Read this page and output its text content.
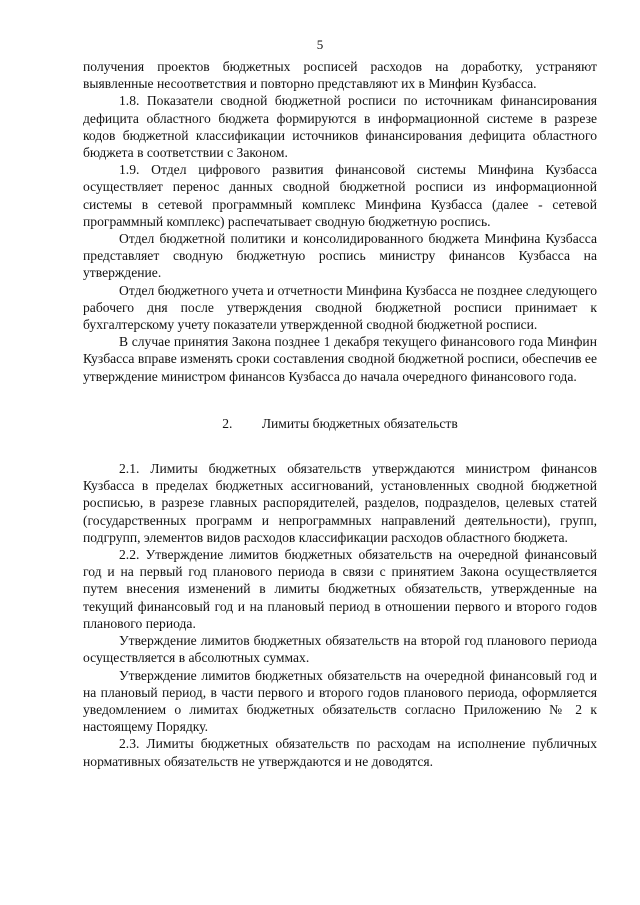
5

получения проектов бюджетных росписей расходов на доработку, устраняют выявленные несоответствия и повторно представляют их в Минфин Кузбасса.

1.8. Показатели сводной бюджетной росписи по источникам финансирования дефицита областного бюджета формируются в информационной системе в разрезе кодов бюджетной классификации источников финансирования дефицита областного бюджета в соответствии с Законом.

1.9. Отдел цифрового развития финансовой системы Минфина Кузбасса осуществляет перенос данных сводной бюджетной росписи из информационной системы в сетевой программный комплекс Минфина Кузбасса (далее - сетевой программный комплекс) распечатывает сводную бюджетную роспись.

Отдел бюджетной политики и консолидированного бюджета Минфина Кузбасса представляет сводную бюджетную роспись министру финансов Кузбасса на утверждение.

Отдел бюджетного учета и отчетности Минфина Кузбасса не позднее следующего рабочего дня после утверждения сводной бюджетной росписи принимает к бухгалтерскому учету показатели утвержденной сводной бюджетной росписи.

В случае принятия Закона позднее 1 декабря текущего финансового года Минфин Кузбасса вправе изменять сроки составления сводной бюджетной росписи, обеспечив ее утверждение министром финансов Кузбасса до начала очередного финансового года.

2. Лимиты бюджетных обязательств

2.1. Лимиты бюджетных обязательств утверждаются министром финансов Кузбасса в пределах бюджетных ассигнований, установленных сводной бюджетной росписью, в разрезе главных распорядителей, разделов, подразделов, целевых статей (государственных программ и непрограммных направлений деятельности), групп, подгрупп, элементов видов расходов классификации расходов областного бюджета.

2.2. Утверждение лимитов бюджетных обязательств на очередной финансовый год и на первый год планового периода в связи с принятием Закона осуществляется путем внесения изменений в лимиты бюджетных обязательств, утвержденные на текущий финансовый год и на плановый период в отношении первого и второго годов планового периода.

Утверждение лимитов бюджетных обязательств на второй год планового периода осуществляется в абсолютных суммах.

Утверждение лимитов бюджетных обязательств на очередной финансовый год и на плановый период, в части первого и второго годов планового периода, оформляется уведомлением о лимитах бюджетных обязательств согласно Приложению № 2 к настоящему Порядку.

2.3. Лимиты бюджетных обязательств по расходам на исполнение публичных нормативных обязательств не утверждаются и не доводятся.
